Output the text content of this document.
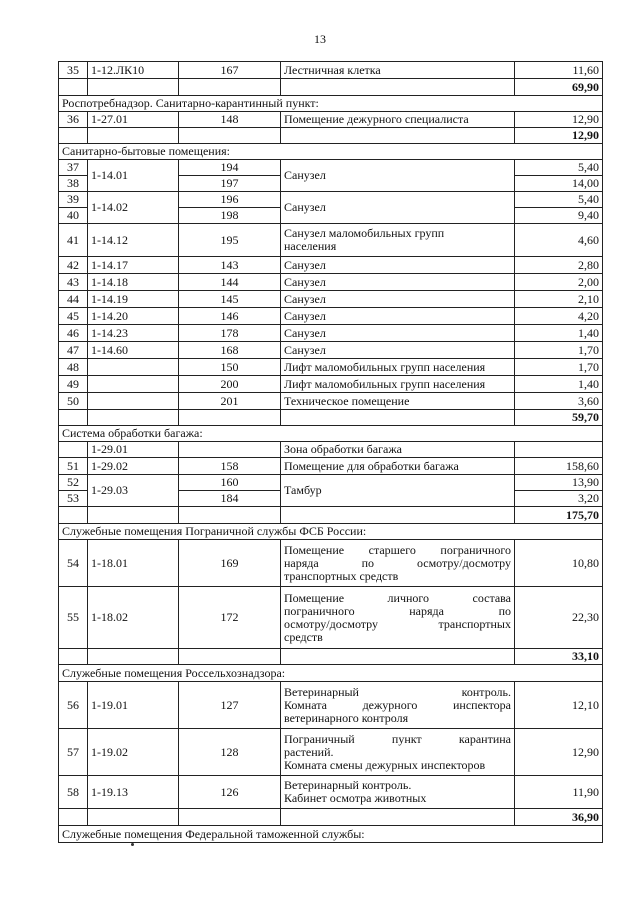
13
35	1-12.ЛК10	167	Лестничная клетка	11,60
				69,90
Роспотребнадзор. Санитарно-карантинный пункт:				
36	1-27.01	148	Помещение дежурного специалиста	12,90
				12,90
Санитарно-бытовые помещения:				
37	1-14.01	194	Санузел	5,40
38		197		14,00
39	1-14.02	196	Санузел	5,40
40		198		9,40
41	1-14.12	195	Санузел маломобильных групп
населения	4,60
42	1-14.17	143	Санузел	2,80
43	1-14.18	144	Санузел	2,00
44	1-14.19	145	Санузел	2,10
45	1-14.20	146	Санузел	4,20
46	1-14.23	178	Санузел	1,40
47	1-14.60	168	Санузел	1,70
48		150	Лифт маломобильных групп населения	1,70
49		200	Лифт маломобильных групп населения	1,40
50		201	Техническое помещение	3,60
				59,70
Система обработки багажа:				
	1-29.01		Зона обработки багажа	

51	1-29.02	158	Помещение для обработки багажа	158,60
52	1-29.03	160	Тамбур	13,90
53		184		3,20
				175,70
Служебные помещения Пограничной службы ФСБ России:				
54	1-18.01	169	Помещение старшего пограничного
наряда по осмотру/досмотру
транспортных средств	10,80
55	1-18.02	172	Помещение личного состава
пограничного наряда по
осмотру/досмотру транспортных
средств	22,30
				33,10
Служебные помещения Россельхознадзора:				
56	1-19.01	127	Ветеринарный контроль.
Комната дежурного инспектора
ветеринарного контроля	12,10
57	1-19.02	128	Пограничный пункт карантина
растений.
Комната смены дежурных инспекторов	12,90
58	1-19.13	126	Ветеринарный контроль.
Кабинет осмотра животных	11,90
				36,90
Служебные помещения Федеральной таможенной службы:				
